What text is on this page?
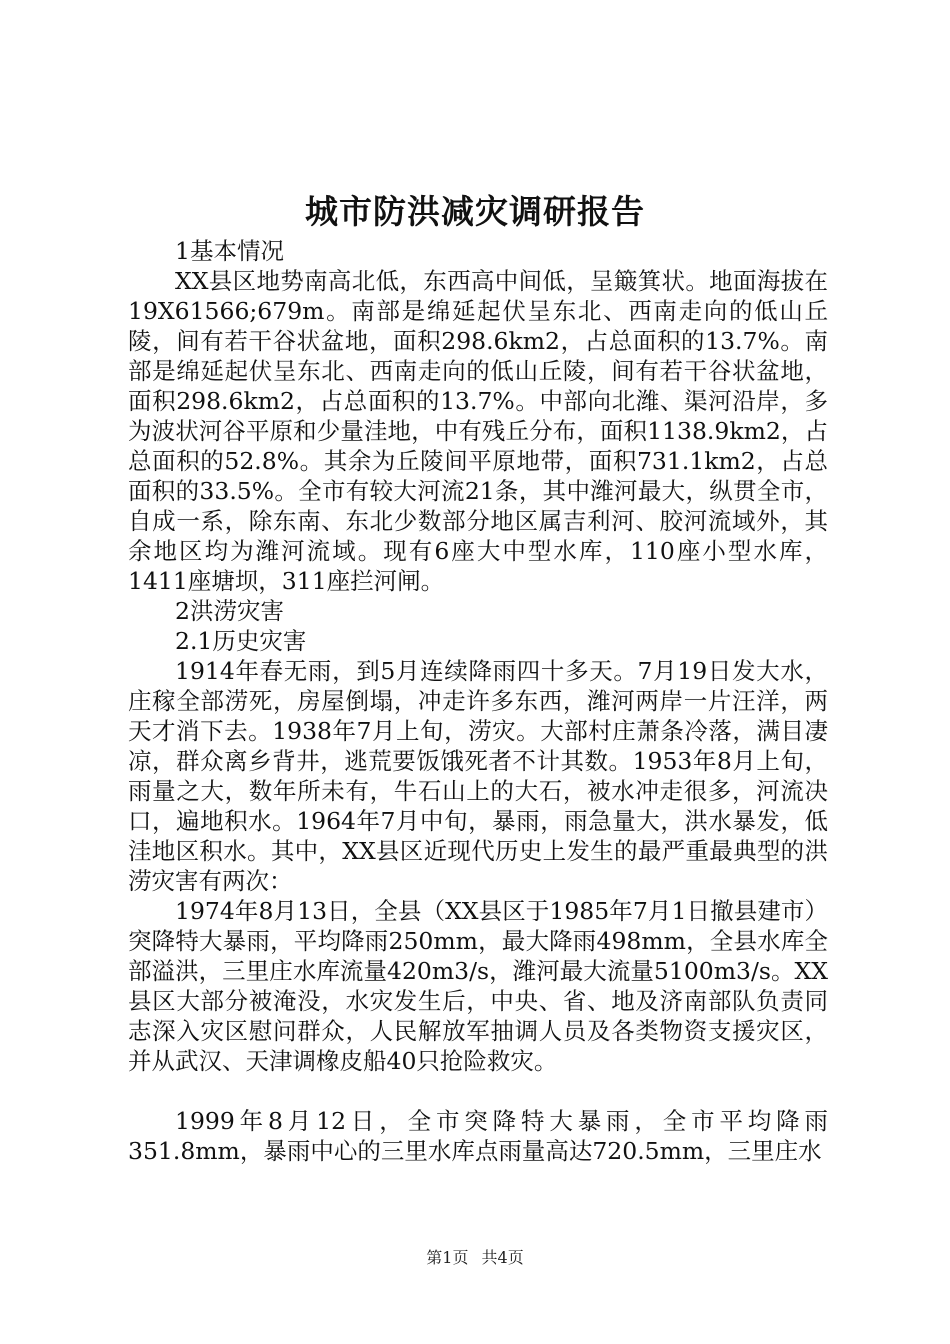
城市防洪减灾调研报告

1基本情况

XX县区地势南高北低，东西高中间低，呈簸箕状。地面海拔在19X61566;679m。南部是绵延起伏呈东北、西南走向的低山丘陵，间有若干谷状盆地，面积298.6km2，占总面积的13.7%。南部是绵延起伏呈东北、西南走向的低山丘陵，间有若干谷状盆地，面积298.6km2，占总面积的13.7%。中部向北潍、渠河沿岸，多为波状河谷平原和少量洼地，中有残丘分布，面积1138.9km2，占总面积的52.8%。其余为丘陵间平原地带，面积731.1km2，占总面积的33.5%。全市有较大河流21条，其中潍河最大，纵贯全市，自成一系，除东南、东北少数部分地区属吉利河、胶河流域外，其余地区均为潍河流域。现有6座大中型水库，110座小型水库，1411座塘坝，311座拦河闸。

2洪涝灾害

2.1历史灾害

1914年春无雨，到5月连续降雨四十多天。7月19日发大水，庄稼全部涝死，房屋倒塌，冲走许多东西，潍河两岸一片汪洋，两天才消下去。1938年7月上旬，涝灾。大部村庄萧条冷落，满目凄凉，群众离乡背井，逃荒要饭饿死者不计其数。1953年8月上旬，雨量之大，数年所未有，牛石山上的大石，被水冲走很多，河流决口，遍地积水。1964年7月中旬，暴雨，雨急量大，洪水暴发，低洼地区积水。其中，XX县区近现代历史上发生的最严重最典型的洪涝灾害有两次：

1974年8月13日，全县（XX县区于1985年7月1日撤县建市）突降特大暴雨，平均降雨250mm，最大降雨498mm，全县水库全部溢洪，三里庄水库流量420m3/s，潍河最大流量5100m3/s。XX县区大部分被淹没，水灾发生后，中央、省、地及济南部队负责同志深入灾区慰问群众，人民解放军抽调人员及各类物资支援灾区，并从武汉、天津调橡皮船40只抢险救灾。

1999年8月12日，全市突降特大暴雨，全市平均降雨351.8mm，暴雨中心的三里水库点雨量高达720.5mm，三里庄水

第1页 共4页
